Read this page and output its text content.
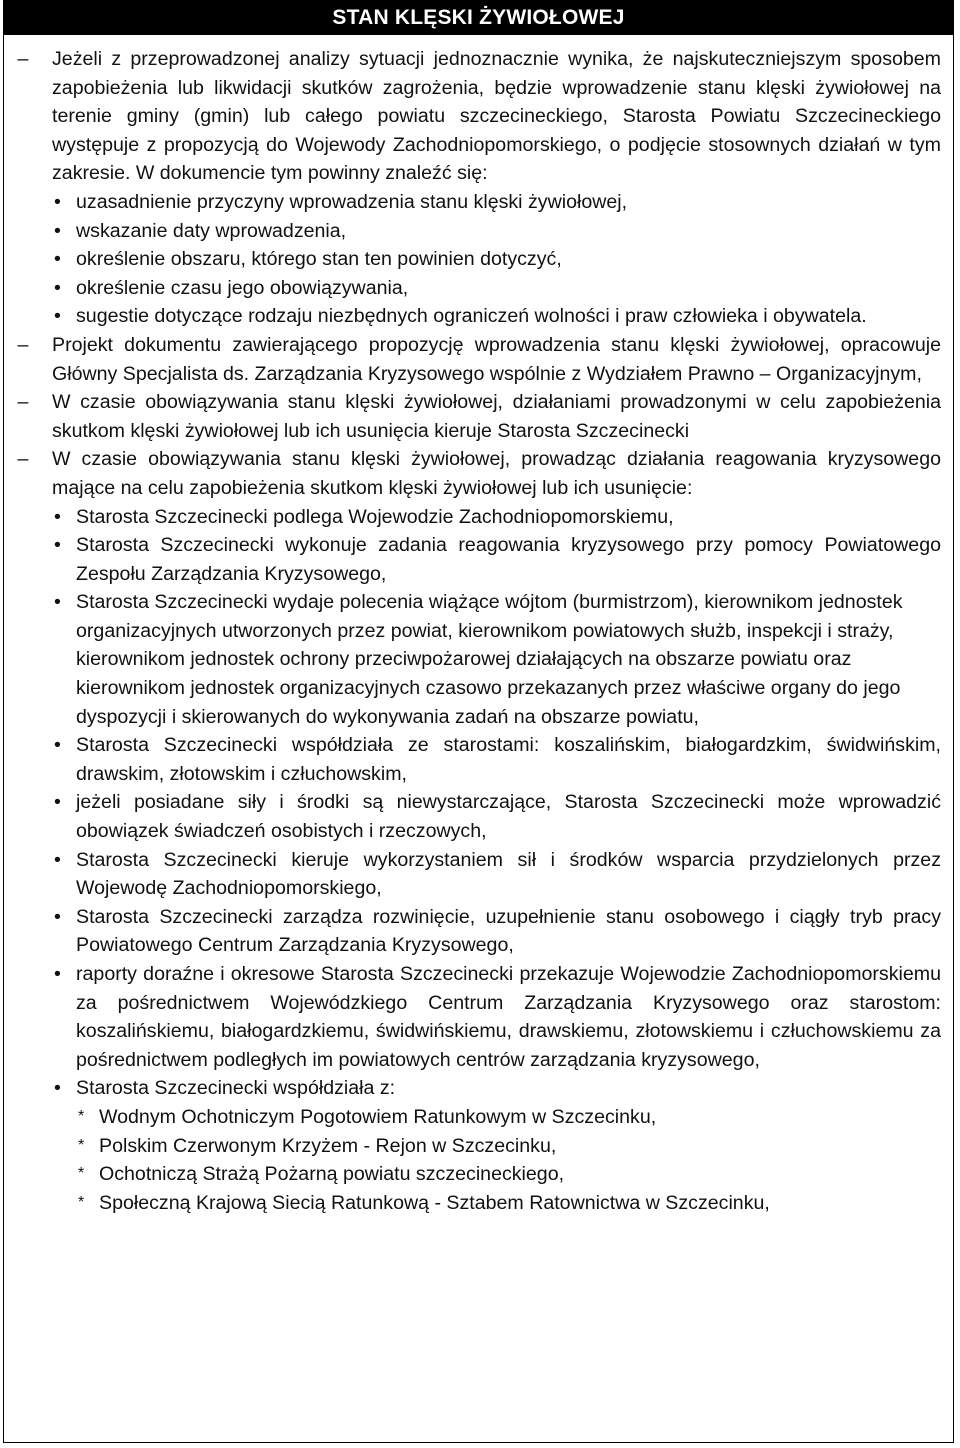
STAN KLĘSKI ŻYWIOŁOWEJ
– Jeżeli z przeprowadzonej analizy sytuacji jednoznacznie wynika, że najskuteczniejszym sposobem zapobieżenia lub likwidacji skutków zagrożenia, będzie wprowadzenie stanu klęski żywiołowej na terenie gminy (gmin) lub całego powiatu szczecineckiego, Starosta Powiatu Szczecineckiego występuje z propozycją do Wojewody Zachodniopomorskiego, o podjęcie stosownych działań w tym zakresie. W dokumencie tym powinny znaleźć się:
• uzasadnienie przyczyny wprowadzenia stanu klęski żywiołowej,
• wskazanie daty wprowadzenia,
• określenie obszaru, którego stan ten powinien dotyczyć,
• określenie czasu jego obowiązywania,
• sugestie dotyczące rodzaju niezbędnych ograniczeń wolności i praw człowieka i obywatela.
– Projekt dokumentu zawierającego propozycję wprowadzenia stanu klęski żywiołowej, opracowuje Główny Specjalista ds. Zarządzania Kryzysowego wspólnie z Wydziałem Prawno – Organizacyjnym,
– W czasie obowiązywania stanu klęski żywiołowej, działaniami prowadzonymi w celu zapobieżenia skutkom klęski żywiołowej lub ich usunięcia kieruje Starosta Szczecinecki
– W czasie obowiązywania stanu klęski żywiołowej, prowadząc działania reagowania kryzysowego mające na celu zapobieżenia skutkom klęski żywiołowej lub ich usunięcie:
• Starosta Szczecinecki podlega Wojewodzie Zachodniopomorskiemu,
• Starosta Szczecinecki wykonuje zadania reagowania kryzysowego przy pomocy Powiatowego Zespołu Zarządzania Kryzysowego,
• Starosta Szczecinecki wydaje polecenia wiążące wójtom (burmistrzom), kierownikom jednostek organizacyjnych utworzonych przez powiat, kierownikom powiatowych służb, inspekcji i straży, kierownikom jednostek ochrony przeciwpożarowej działających na obszarze powiatu oraz kierownikom jednostek organizacyjnych czasowo przekazanych przez właściwe organy do jego dyspozycji i skierowanych do wykonywania zadań na obszarze powiatu,
• Starosta Szczecinecki współdziała ze starostami: koszalińskim, białogardzkim, świdwińskim, drawskim, złotowskim i człuchowskim,
• jeżeli posiadane siły i środki są niewystarczające, Starosta Szczecinecki może wprowadzić obowiązek świadczeń osobistych i rzeczowych,
• Starosta Szczecinecki kieruje wykorzystaniem sił i środków wsparcia przydzielonych przez Wojewodę Zachodniopomorskiego,
• Starosta Szczecinecki zarządza rozwinięcie, uzupełnienie stanu osobowego i ciągły tryb pracy Powiatowego Centrum Zarządzania Kryzysowego,
• raporty doraźne i okresowe Starosta Szczecinecki przekazuje Wojewodzie Zachodniopomorskiemu za pośrednictwem Wojewódzkiego Centrum Zarządzania Kryzysowego oraz starostom: koszalińskiemu, białogardzkiemu, świdwińskiemu, drawskiemu, złotowskiemu i człuchowskiemu za pośrednictwem podległych im powiatowych centrów zarządzania kryzysowego,
• Starosta Szczecinecki współdziała z:
* Wodnym Ochotniczym Pogotowiem Ratunkowym w Szczecinku,
* Polskim Czerwonym Krzyżem - Rejon w Szczecinku,
* Ochotniczą Strażą Pożarną powiatu szczecineckiego,
* Społeczną Krajową Siecią Ratunkową - Sztabem Ratownictwa w Szczecinku,
